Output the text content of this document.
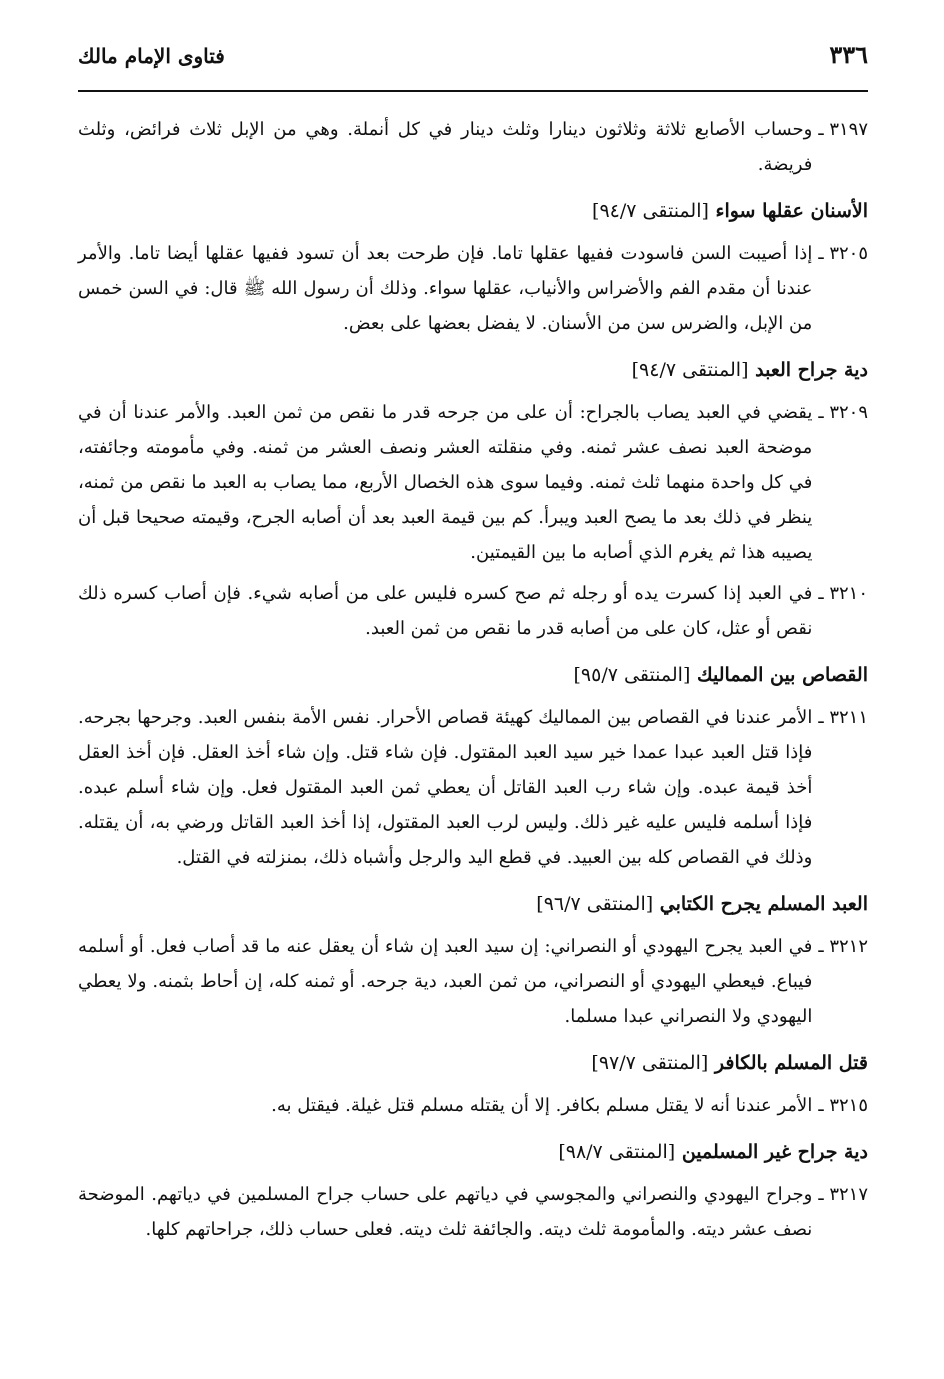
٣٣٦
فتاوى الإمام مالك
٣١٩٧ ـ
وحساب الأصابع ثلاثة وثلاثون دينارا وثلث دينار في كل أنملة. وهي من الإبل ثلاث فرائض، وثلث فريضة.
الأسنان عقلها سواء [المنتقى ٩٤/٧]
٣٢٠٥ ـ
إذا أصيبت السن فاسودت ففيها عقلها تاما. فإن طرحت بعد أن تسود ففيها عقلها أيضا تاما. والأمر عندنا أن مقدم الفم والأضراس والأنياب، عقلها سواء. وذلك أن رسول الله ﷺ قال: في السن خمس من الإبل، والضرس سن من الأسنان. لا يفضل بعضها على بعض.
دية جراح العبد [المنتقى ٩٤/٧]
٣٢٠٩ ـ
يقضي في العبد يصاب بالجراح: أن على من جرحه قدر ما نقص من ثمن العبد. والأمر عندنا أن في موضحة العبد نصف عشر ثمنه. وفي منقلته العشر ونصف العشر من ثمنه. وفي مأمومته وجائفته، في كل واحدة منهما ثلث ثمنه. وفيما سوى هذه الخصال الأربع، مما يصاب به العبد ما نقص من ثمنه، ينظر في ذلك بعد ما يصح العبد ويبرأ. كم بين قيمة العبد بعد أن أصابه الجرح، وقيمته صحيحا قبل أن يصيبه هذا ثم يغرم الذي أصابه ما بين القيمتين.
٣٢١٠ ـ
في العبد إذا كسرت يده أو رجله ثم صح كسره فليس على من أصابه شيء. فإن أصاب كسره ذلك نقص أو عثل، كان على من أصابه قدر ما نقص من ثمن العبد.
القصاص بين المماليك [المنتقى ٩٥/٧]
٣٢١١ ـ
الأمر عندنا في القصاص بين المماليك كهيئة قصاص الأحرار. نفس الأمة بنفس العبد. وجرحها بجرحه. فإذا قتل العبد عبدا عمدا خير سيد العبد المقتول. فإن شاء قتل. وإن شاء أخذ العقل. فإن أخذ العقل أخذ قيمة عبده. وإن شاء رب العبد القاتل أن يعطي ثمن العبد المقتول فعل. وإن شاء أسلم عبده. فإذا أسلمه فليس عليه غير ذلك. وليس لرب العبد المقتول، إذا أخذ العبد القاتل ورضي به، أن يقتله. وذلك في القصاص كله بين العبيد. في قطع اليد والرجل وأشباه ذلك، بمنزلته في القتل.
العبد المسلم يجرح الكتابي [المنتقى ٩٦/٧]
٣٢١٢ ـ
في العبد يجرح اليهودي أو النصراني: إن سيد العبد إن شاء أن يعقل عنه ما قد أصاب فعل. أو أسلمه فيباع. فيعطي اليهودي أو النصراني، من ثمن العبد، دية جرحه. أو ثمنه كله، إن أحاط بثمنه. ولا يعطي اليهودي ولا النصراني عبدا مسلما.
قتل المسلم بالكافر [المنتقى ٩٧/٧]
٣٢١٥ ـ
الأمر عندنا أنه لا يقتل مسلم بكافر. إلا أن يقتله مسلم قتل غيلة. فيقتل به.
دية جراح غير المسلمين [المنتقى ٩٨/٧]
٣٢١٧ ـ
وجراح اليهودي والنصراني والمجوسي في دياتهم على حساب جراح المسلمين في دياتهم. الموضحة نصف عشر ديته. والمأمومة ثلث ديته. والجائفة ثلث ديته. فعلى حساب ذلك، جراحاتهم كلها.
